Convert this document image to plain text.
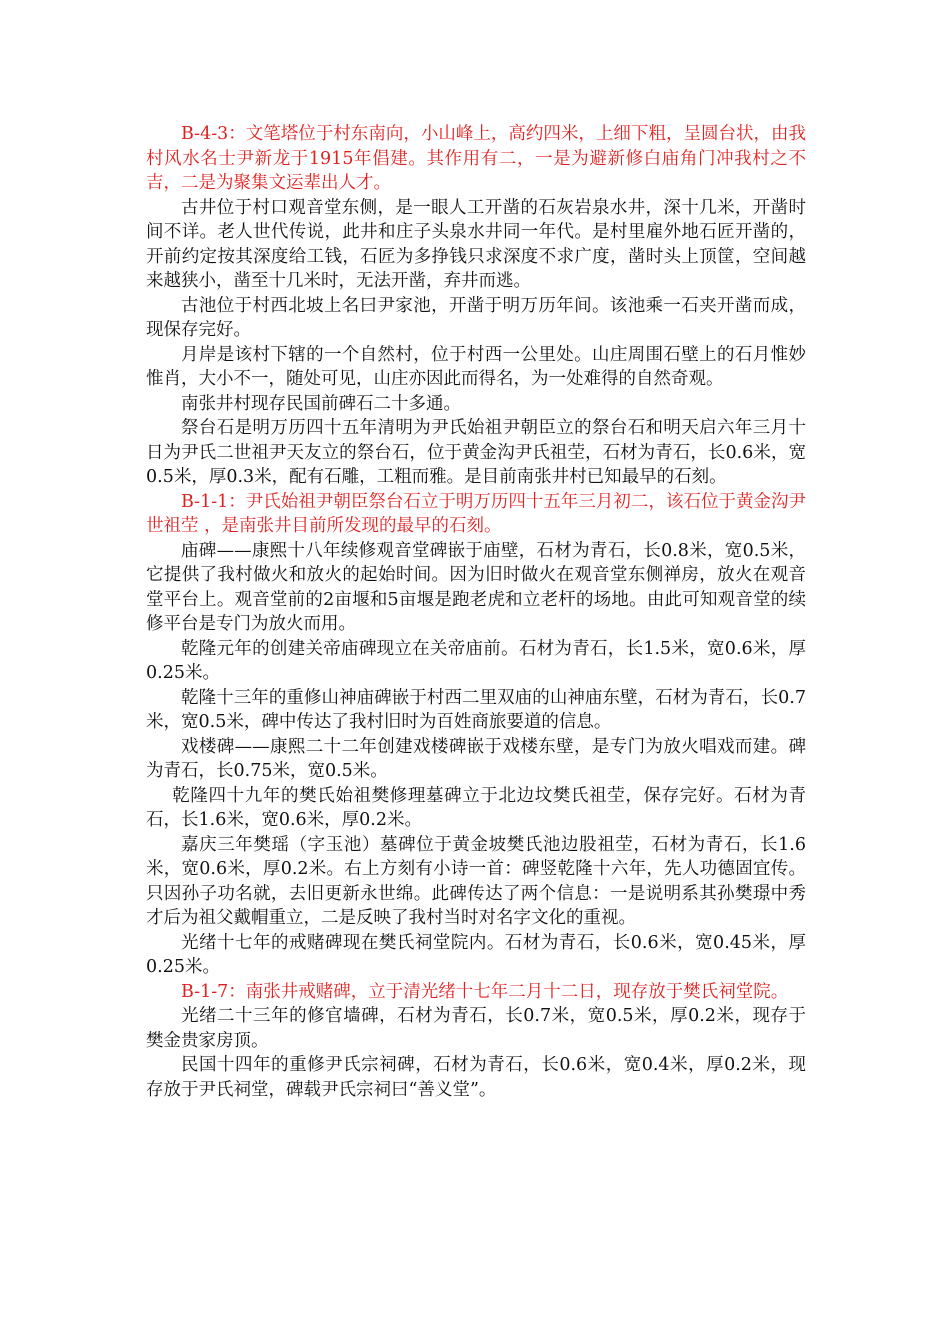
B-4-3：文笔塔位于村东南向，小山峰上，高约四米，上细下粗，呈圆台状，由我村风水名士尹新龙于1915年倡建。其作用有二，一是为避新修白庙角门冲我村之不吉，二是为聚集文运辈出人才。

古井位于村口观音堂东侧，是一眼人工开凿的石灰岩泉水井，深十几米，开凿时间不详。老人世代传说，此井和庄子头泉水井同一年代。是村里雇外地石匠开凿的，开前约定按其深度给工钱，石匠为多挣钱只求深度不求广度，凿时头上顶筐，空间越来越狭小，凿至十几米时，无法开凿，弃井而逃。

古池位于村西北坡上名曰尹家池，开凿于明万历年间。该池乘一石夹开凿而成，现保存完好。

月岸是该村下辖的一个自然村，位于村西一公里处。山庄周围石壁上的石月惟妙惟肖，大小不一，随处可见，山庄亦因此而得名，为一处难得的自然奇观。

南张井村现存民国前碑石二十多通。

祭台石是明万历四十五年清明为尹氏始祖尹朝臣立的祭台石和明天启六年三月十日为尹氏二世祖尹天友立的祭台石，位于黄金沟尹氏祖茔，石材为青石，长0.6米，宽0.5米，厚0.3米，配有石雕，工粗而雅。是目前南张井村已知最早的石刻。

B-1-1：尹氏始祖尹朝臣祭台石立于明万历四十五年三月初二，该石位于黄金沟尹世祖茔 ，是南张井目前所发现的最早的石刻。

庙碑——康熙十八年续修观音堂碑嵌于庙壁，石材为青石，长0.8米，宽0.5米，它提供了我村做火和放火的起始时间。因为旧时做火在观音堂东侧禅房，放火在观音堂平台上。观音堂前的2亩堰和5亩堰是跑老虎和立老杆的场地。由此可知观音堂的续修平台是专门为放火而用。

乾隆元年的创建关帝庙碑现立在关帝庙前。石材为青石，长1.5米，宽0.6米，厚0.25米。

乾隆十三年的重修山神庙碑嵌于村西二里双庙的山神庙东壁，石材为青石，长0.7米，宽0.5米，碑中传达了我村旧时为百姓商旅要道的信息。

戏楼碑——康熙二十二年创建戏楼碑嵌于戏楼东壁，是专门为放火唱戏而建。碑为青石，长0.75米，宽0.5米。

乾隆四十九年的樊氏始祖樊修理墓碑立于北边坟樊氏祖茔，保存完好。石材为青石，长1.6米，宽0.6米，厚0.2米。

嘉庆三年樊瑶（字玉池）墓碑位于黄金坡樊氏池边股祖茔，石材为青石，长1.6米，宽0.6米，厚0.2米。右上方刻有小诗一首：碑竖乾隆十六年，先人功德固宜传。只因孙子功名就，去旧更新永世绵。此碑传达了两个信息：一是说明系其孙樊璟中秀才后为祖父戴帽重立，二是反映了我村当时对名字文化的重视。

光绪十七年的戒赌碑现在樊氏祠堂院内。石材为青石，长0.6米，宽0.45米，厚0.25米。

B-1-7：南张井戒赌碑，立于清光绪十七年二月十二日，现存放于樊氏祠堂院。

光绪二十三年的修官墙碑，石材为青石，长0.7米，宽0.5米，厚0.2米，现存于樊金贵家房顶。

民国十四年的重修尹氏宗祠碑，石材为青石，长0.6米，宽0.4米，厚0.2米，现存放于尹氏祠堂，碑载尹氏宗祠曰“善义堂”。
